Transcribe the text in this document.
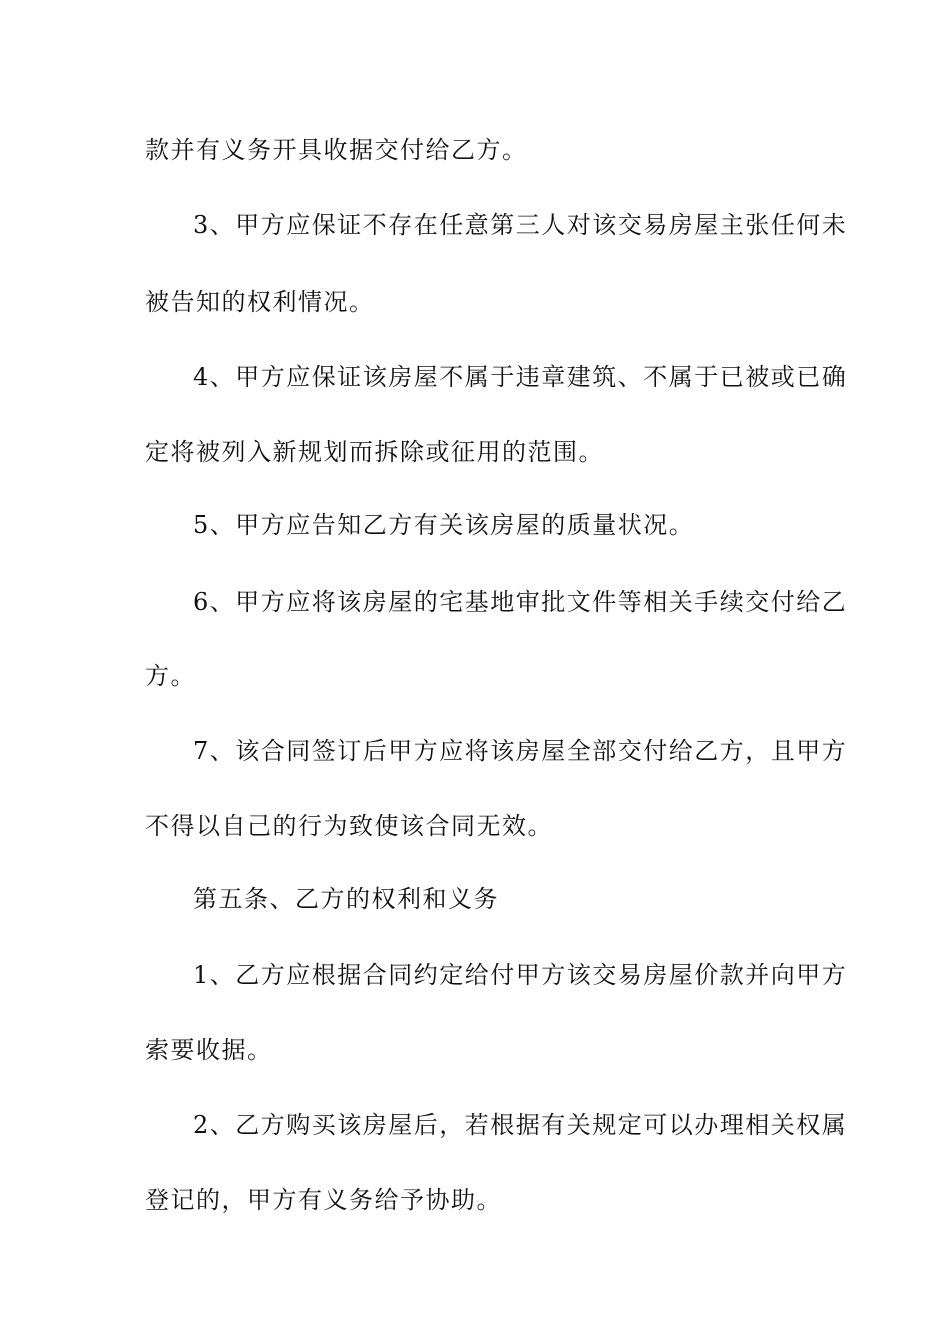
款并有义务开具收据交付给乙方。
3、甲方应保证不存在任意第三人对该交易房屋主张任何未
被告知的权利情况。
4、甲方应保证该房屋不属于违章建筑、不属于已被或已确
定将被列入新规划而拆除或征用的范围。
5、甲方应告知乙方有关该房屋的质量状况。
6、甲方应将该房屋的宅基地审批文件等相关手续交付给乙
方。
7、该合同签订后甲方应将该房屋全部交付给乙方，且甲方
不得以自己的行为致使该合同无效。
第五条、乙方的权利和义务
1、乙方应根据合同约定给付甲方该交易房屋价款并向甲方
索要收据。
2、乙方购买该房屋后，若根据有关规定可以办理相关权属
登记的，甲方有义务给予协助。
